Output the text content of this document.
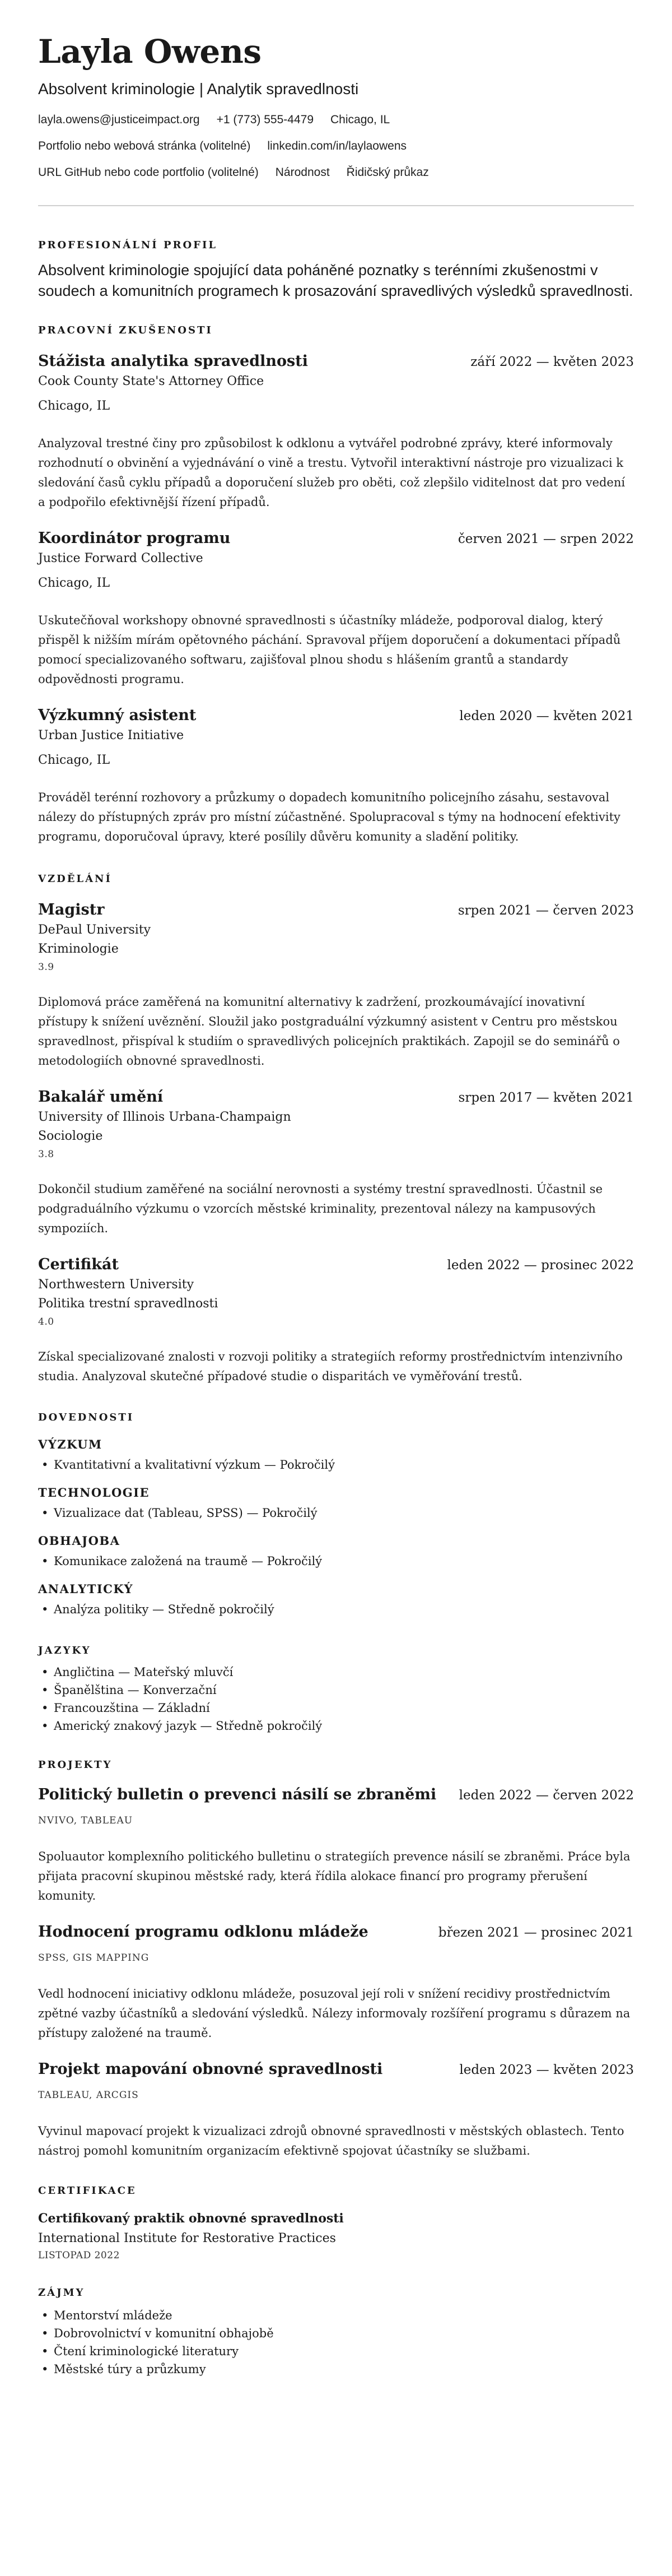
Layla Owens
Absolvent kriminologie | Analytik spravedlnosti
layla.owens@justiceimpact.org +1 (773) 555-4479 Chicago, IL
Portfolio nebo webová stránka (volitelné) linkedin.com/in/laylaowens
URL GitHub nebo code portfolio (volitelné) Národnost Řidičský průkaz
PROFESIONÁLNÍ PROFIL
Absolvent kriminologie spojující data poháněné poznatky s terénními zkušenostmi v soudech a komunitních programech k prosazování spravedlivých výsledků spravedlnosti.
PRACOVNÍ ZKUŠENOSTI
Stážista analytika spravedlnosti	září 2022 — květen 2023
Cook County State's Attorney Office
Chicago, IL
Analyzoval trestné činy pro způsobilost k odklonu a vytvářel podrobné zprávy, které informovaly rozhodnutí o obvinění a vyjednávání o vině a trestu. Vytvořil interaktivní nástroje pro vizualizaci k sledování časů cyklu případů a doporučení služeb pro oběti, což zlepšilo viditelnost dat pro vedení a podpořilo efektivnější řízení případů.
Koordinátor programu	červen 2021 — srpen 2022
Justice Forward Collective
Chicago, IL
Uskutečňoval workshopy obnovné spravedlnosti s účastníky mládeže, podporoval dialog, který přispěl k nižším mírám opětovného páchání. Spravoval příjem doporučení a dokumentaci případů pomocí specializovaného softwaru, zajišťoval plnou shodu s hlášením grantů a standardy odpovědnosti programu.
Výzkumný asistent	leden 2020 — květen 2021
Urban Justice Initiative
Chicago, IL
Prováděl terénní rozhovory a průzkumy o dopadech komunitního policejního zásahu, sestavoval nálezy do přístupných zpráv pro místní zúčastněné. Spolupracoval s týmy na hodnocení efektivity programu, doporučoval úpravy, které posílily důvěru komunity a sladění politiky.
VZDĚLÁNÍ
Magistr	srpen 2021 — červen 2023
DePaul University
Kriminologie
3.9
Diplomová práce zaměřená na komunitní alternativy k zadržení, prozkoumávající inovativní přístupy k snížení uvěznění. Sloužil jako postgraduální výzkumný asistent v Centru pro městskou spravedlnost, přispíval k studiím o spravedlivých policejních praktikách. Zapojil se do seminářů o metodologiích obnovné spravedlnosti.
Bakalář umění	srpen 2017 — květen 2021
University of Illinois Urbana-Champaign
Sociologie
3.8
Dokončil studium zaměřené na sociální nerovnosti a systémy trestní spravedlnosti. Účastnil se podgraduálního výzkumu o vzorcích městské kriminality, prezentoval nálezy na kampusových sympoziích.
Certifikát	leden 2022 — prosinec 2022
Northwestern University
Politika trestní spravedlnosti
4.0
Získal specializované znalosti v rozvoji politiky a strategiích reformy prostřednictvím intenzivního studia. Analyzoval skutečné případové studie o disparitách ve vyměřování trestů.
DOVEDNOSTI
VÝZKUM
• Kvantitativní a kvalitativní výzkum — Pokročilý
TECHNOLOGIE
• Vizualizace dat (Tableau, SPSS) — Pokročilý
OBHAJOBA
• Komunikace založená na traumě — Pokročilý
ANALYTICKÝ
• Analýza politiky — Středně pokročilý
JAZYKY
• Angličtina — Mateřský mluvčí
• Španělština — Konverzační
• Francouzština — Základní
• Americký znakový jazyk — Středně pokročilý
PROJEKTY
Politický bulletin o prevenci násilí se zbraněmi leden 2022 — červen 2022
NVIVO, TABLEAU
Spoluautor komplexního politického bulletinu o strategiích prevence násilí se zbraněmi. Práce byla přijata pracovní skupinou městské rady, která řídila alokace financí pro programy přerušení komunity.
Hodnocení programu odklonu mládeže	březen 2021 — prosinec 2021
SPSS, GIS MAPPING
Vedl hodnocení iniciativy odklonu mládeže, posuzoval její roli v snížení recidivy prostřednictvím zpětné vazby účastníků a sledování výsledků. Nálezy informovaly rozšíření programu s důrazem na přístupy založené na traumě.
Projekt mapování obnovné spravedlnosti	leden 2023 — květen 2023
TABLEAU, ARCGIS
Vyvinul mapovací projekt k vizualizaci zdrojů obnovné spravedlnosti v městských oblastech. Tento nástroj pomohl komunitním organizacím efektivně spojovat účastníky se službami.
CERTIFIKACE
Certifikovaný praktik obnovné spravedlnosti
International Institute for Restorative Practices
LISTOPAD 2022
ZÁJMY
• Mentorství mládeže
• Dobrovolnictví v komunitní obhajobě
• Čtení kriminologické literatury
• Městské túry a průzkumy
